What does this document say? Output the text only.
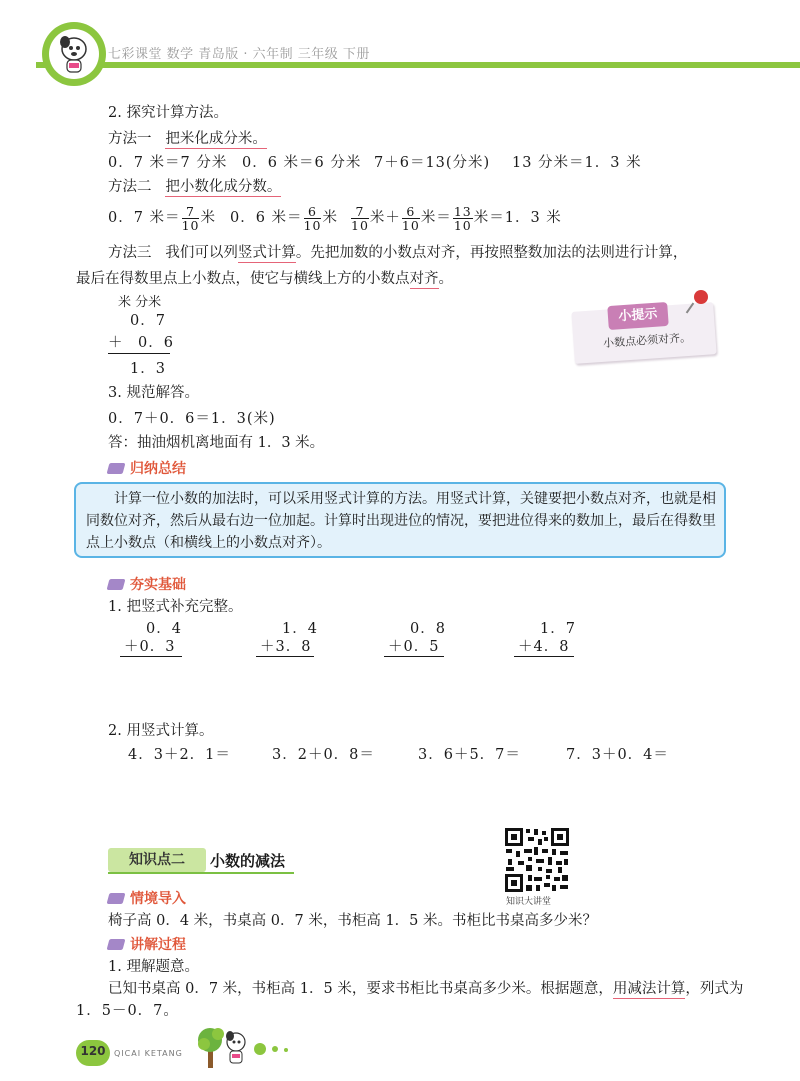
七彩课堂 数学 青岛版 · 六年制 三年级 下册
2. 探究计算方法。
方法一 把米化成分米。
0．7 米＝7 分米 0．6 米＝6 分米 7＋6＝13(分米) 13 分米＝1．3 米
方法二 把小数化成分数。
0．7 米＝ $\frac{7}{10}$ 米 0．6 米＝ $\frac{6}{10}$ 米 $\frac{7}{10}$ 米＋ $\frac{6}{10}$ 米＝ $\frac{13}{10}$ 米＝1．3 米
方法三 我们可以列竖式计算。先把加数的小数点对齐，再按照整数加法的法则进行计算，
最后在得数里点上小数点，使它与横线上方的小数点对齐。
米 分米
0．7
＋ 0．6
1．3
小提示
小数点必须对齐。
3. 规范解答。
0．7＋0．6＝1．3(米)
答：抽油烟机离地面有 1．3 米。
归纳总结
计算一位小数的加法时，可以采用竖式计算的方法。用竖式计算，关键要把小数点对齐，也就是相同数位对齐，然后从最右边一位加起。计算时出现进位的情况，要把进位得来的数加上，最后在得数里点上小数点（和横线上的小数点对齐）。
夯实基础
1. 把竖式补充完整。
0．4
＋0．3
1．4
＋3．8
0．8
＋0．5
1．7
＋4．8
2. 用竖式计算。
4．3＋2．1＝	3．2＋0．8＝	3．6＋5．7＝	7．3＋0．4＝
知识点二	小数的减法
知识大讲堂
情境导入
椅子高 0．4 米，书桌高 0．7 米，书柜高 1．5 米。书柜比书桌高多少米？
讲解过程
1. 理解题意。
已知书桌高 0．7 米，书柜高 1．5 米，要求书柜比书桌高多少米。根据题意，用减法计算，列式为
1．5－0．7。
120	QICAI KETANG
